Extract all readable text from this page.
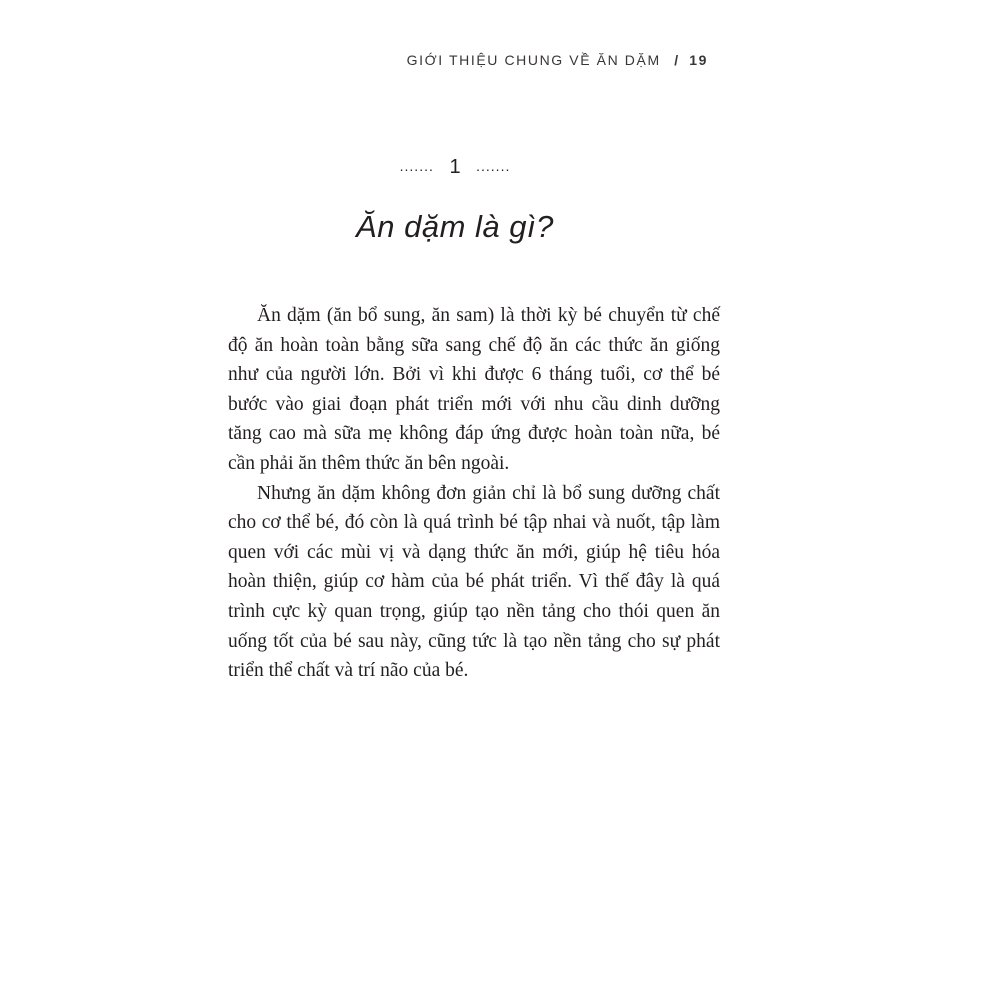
GIỚI THIỆU CHUNG VỀ ĂN DẶM / 19
....... 1 .......
Ăn dặm là gì?

Ăn dặm (ăn bổ sung, ăn sam) là thời kỳ bé chuyển từ chế độ ăn hoàn toàn bằng sữa sang chế độ ăn các thức ăn giống như của người lớn. Bởi vì khi được 6 tháng tuổi, cơ thể bé bước vào giai đoạn phát triển mới với nhu cầu dinh dưỡng tăng cao mà sữa mẹ không đáp ứng được hoàn toàn nữa, bé cần phải ăn thêm thức ăn bên ngoài.

Nhưng ăn dặm không đơn giản chỉ là bổ sung dưỡng chất cho cơ thể bé, đó còn là quá trình bé tập nhai và nuốt, tập làm quen với các mùi vị và dạng thức ăn mới, giúp hệ tiêu hóa hoàn thiện, giúp cơ hàm của bé phát triển. Vì thế đây là quá trình cực kỳ quan trọng, giúp tạo nền tảng cho thói quen ăn uống tốt của bé sau này, cũng tức là tạo nền tảng cho sự phát triển thể chất và trí não của bé.
